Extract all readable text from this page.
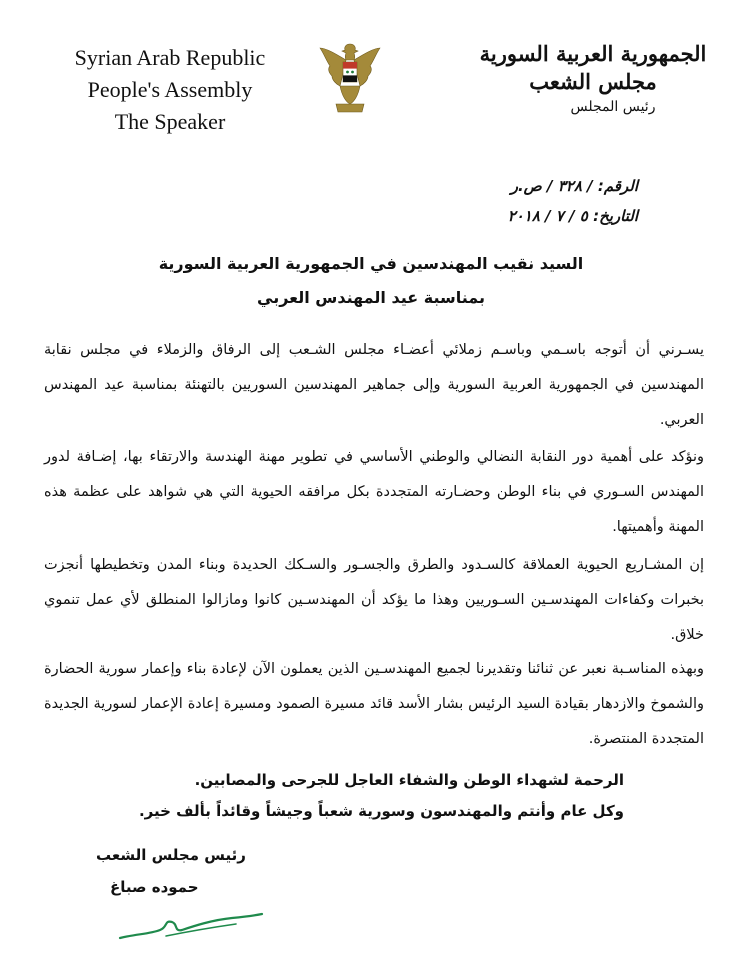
Syrian Arab Republic
People's Assembly
The Speaker
الجمهورية العربية السورية
مجلس الشعب
رئيس المجلس
الرقم: / ٣٢٨ / ص.ر
التاريخ: ٥ / ٧ / ٢٠١٨
السيد نقيب المهندسين في الجمهورية العربية السورية
بمناسبة عيد المهندس العربي

يسـرني أن أتوجه باسـمي وباسـم زملائي أعضـاء مجلس الشـعب إلى الرفاق والزملاء في مجلس نقابة المهندسين في الجمهورية العربية السورية وإلى جماهير المهندسين السوريين بالتهنئة بمناسبة عيد المهندس العربي.

ونؤكد على أهمية دور النقابة النضالي والوطني الأساسي في تطوير مهنة الهندسة والارتقاء بها، إضـافة لدور المهندس السـوري في بناء الوطن وحضـارته المتجددة بكل مرافقه الحيوية التي هي شواهد على عظمة هذه المهنة وأهميتها.

إن المشـاريع الحيوية العملاقة كالسـدود والطرق والجسـور والسـكك الحديدة وبناء المدن وتخطيطها أنجزت بخبرات وكفاءات المهندسـين السـوريين وهذا ما يؤكد أن المهندسـين كانوا ومازالوا المنطلق لأي عمل تنموي خلاق.

وبهذه المناسـبة نعبر عن ثنائنا وتقديرنا لجميع المهندسـين الذين يعملون الآن لإعادة بناء وإعمار سورية الحضارة والشموخ والازدهار بقيادة السيد الرئيس بشار الأسد قائد مسيرة الصمود ومسيرة إعادة الإعمار لسورية الجديدة المتجددة المنتصرة.

الرحمة لشهداء الوطن والشفاء العاجل للجرحى والمصابين.
وكل عام وأنتم والمهندسون وسورية شعباً وجيشاً وقائداً بألف خير.
رئيس مجلس الشعب
حموده صباغ
